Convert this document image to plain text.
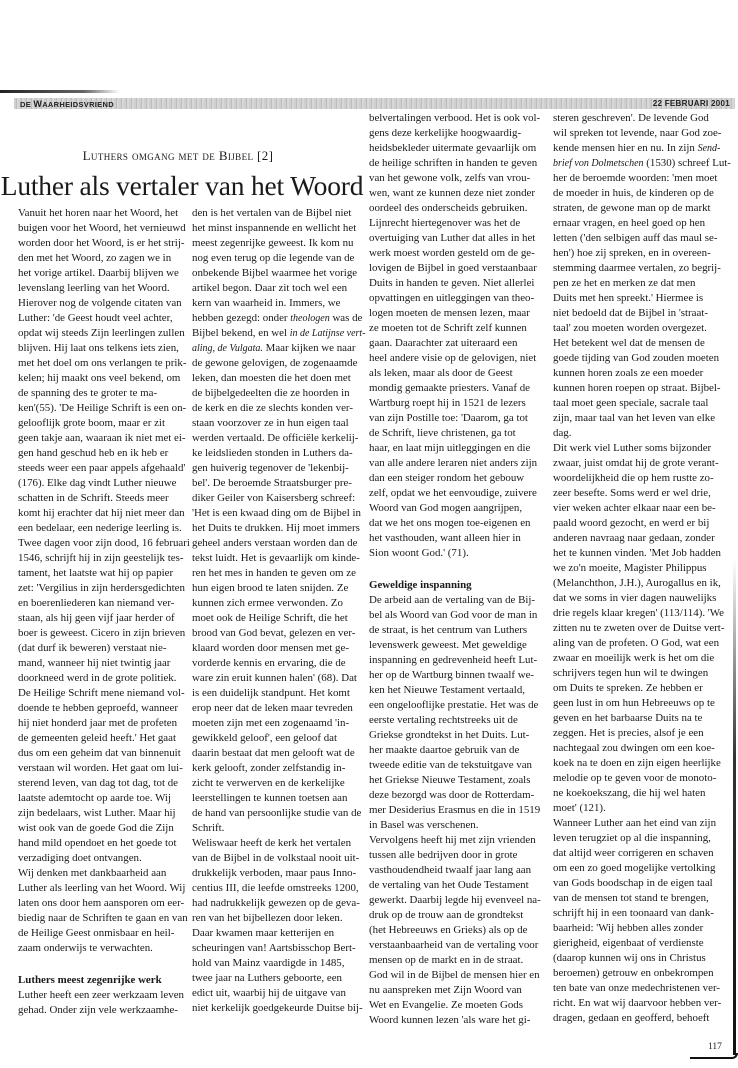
DE WAARHEIDSVRIEND	22 FEBRUARI 2001
Luthers omgang met de Bijbel [2]
Luther als vertaler van het Woord
Vanuit het horen naar het Woord, het
buigen voor het Woord, het vernieuwd
worden door het Woord, is er het strij-
den met het Woord, zo zagen we in
het vorige artikel. Daarbij blijven we
levenslang leerling van het Woord.
Hierover nog de volgende citaten van
Luther: 'de Geest houdt veel achter,
opdat wij steeds Zijn leerlingen zullen
blijven. Hij laat ons telkens iets zien,
met het doel om ons verlangen te prik-
kelen; hij maakt ons veel bekend, om
de spanning des te groter te ma-
ken'(55). 'De Heilige Schrift is een on-
gelooflijk grote boom, maar er zit
geen takje aan, waaraan ik niet met ei-
gen hand geschud heb en ik heb er
steeds weer een paar appels afgehaald'
(176). Elke dag vindt Luther nieuwe
schatten in de Schrift. Steeds meer
komt hij erachter dat hij niet meer dan
een bedelaar, een nederige leerling is.
Twee dagen voor zijn dood, 16 februari
1546, schrijft hij in zijn geestelijk tes-
tament, het laatste wat hij op papier
zet: 'Vergilius in zijn herdersgedichten
en boerenliederen kan niemand ver-
staan, als hij geen vijf jaar herder of
boer is geweest. Cicero in zijn brieven
(dat durf ik beweren) verstaat nie-
mand, wanneer hij niet twintig jaar
doorkneed werd in de grote politiek.
De Heilige Schrift mene niemand vol-
doende te hebben geproefd, wanneer
hij niet honderd jaar met de profeten
de gemeenten geleid heeft.' Het gaat
dus om een geheim dat van binnenuit
verstaan wil worden. Het gaat om lui-
sterend leven, van dag tot dag, tot de
laatste ademtocht op aarde toe. Wij
zijn bedelaars, wist Luther. Maar hij
wist ook van de goede God die Zijn
hand mild opendoet en het goede tot
verzadiging doet ontvangen.
Wij denken met dankbaarheid aan
Luther als leerling van het Woord. Wij
laten ons door hem aansporen om eer-
biedig naar de Schriften te gaan en van
de Heilige Geest onmisbaar en heil-
zaam onderwijs te verwachten.
Luthers meest zegenrijke werk
Luther heeft een zeer werkzaam leven
gehad. Onder zijn vele werkzaamhe-
den is het vertalen van de Bijbel niet
het minst inspannende en wellicht het
meest zegenrijke geweest. Ik kom nu
nog even terug op die legende van de
onbekende Bijbel waarmee het vorige
artikel begon. Daar zit toch wel een
kern van waarheid in. Immers, we
hebben gezegd: onder theologen was de
Bijbel bekend, en wel in de Latijnse vert-
aling, de Vulgata. Maar kijken we naar
de gewone gelovigen, de zogenaamde
leken, dan moesten die het doen met
de bijbelgedeelten die ze hoorden in
de kerk en die ze slechts konden ver-
staan voorzover ze in hun eigen taal
werden vertaald. De officiële kerkelij-
ke leidslieden stonden in Luthers da-
gen huiverig tegenover de 'lekenbij-
bel'. De beroemde Straatsburger pre-
diker Geiler von Kaisersberg schreef:
'Het is een kwaad ding om de Bijbel in
het Duits te drukken. Hij moet immers
geheel anders verstaan worden dan de
tekst luidt. Het is gevaarlijk om kinde-
ren het mes in handen te geven om ze
hun eigen brood te laten snijden. Ze
kunnen zich ermee verwonden. Zo
moet ook de Heilige Schrift, die het
brood van God bevat, gelezen en ver-
klaard worden door mensen met ge-
vorderde kennis en ervaring, die de
ware zin eruit kunnen halen' (68). Dat
is een duidelijk standpunt. Het komt
erop neer dat de leken maar tevreden
moeten zijn met een zogenaamd 'in-
gewikkeld geloof', een geloof dat
daarin bestaat dat men gelooft wat de
kerk gelooft, zonder zelfstandig in-
zicht te verwerven en de kerkelijke
leerstellingen te kunnen toetsen aan
de hand van persoonlijke studie van de
Schrift.
Weliswaar heeft de kerk het vertalen
van de Bijbel in de volkstaal nooit uit-
drukkelijk verboden, maar paus Inno-
centius III, die leefde omstreeks 1200,
had nadrukkelijk gewezen op de geva-
ren van het bijbellezen door leken.
Daar kwamen maar ketterijen en
scheuringen van! Aartsbisschop Bert-
hold van Mainz vaardigde in 1485,
twee jaar na Luthers geboorte, een
edict uit, waarbij hij de uitgave van
niet kerkelijk goedgekeurde Duitse bij-
belvertalingen verbood. Het is ook vol-
gens deze kerkelijke hoogwaardig-
heidsbekleder uitermate gevaarlijk om
de heilige schriften in handen te geven
van het gewone volk, zelfs van vrou-
wen, want ze kunnen deze niet zonder
oordeel des onderscheids gebruiken.
Lijnrecht hiertegenover was het de
overtuiging van Luther dat alles in het
werk moest worden gesteld om de ge-
lovigen de Bijbel in goed verstaanbaar
Duits in handen te geven. Niet allerlei
opvattingen en uitleggingen van theo-
logen moeten de mensen lezen, maar
ze moeten tot de Schrift zelf kunnen
gaan. Daarachter zat uiteraard een
heel andere visie op de gelovigen, niet
als leken, maar als door de Geest
mondig gemaakte priesters. Vanaf de
Wartburg roept hij in 1521 de lezers
van zijn Postille toe: 'Daarom, ga tot
de Schrift, lieve christenen, ga tot
haar, en laat mijn uitleggingen en die
van alle andere leraren niet anders zijn
dan een steiger rondom het gebouw
zelf, opdat we het eenvoudige, zuivere
Woord van God mogen aangrijpen,
dat we het ons mogen toe-eigenen en
het vasthouden, want alleen hier in
Sion woont God.' (71).
Geweldige inspanning
De arbeid aan de vertaling van de Bij-
bel als Woord van God voor de man in
de straat, is het centrum van Luthers
levenswerk geweest. Met geweldige
inspanning en gedrevenheid heeft Lut-
her op de Wartburg binnen twaalf we-
ken het Nieuwe Testament vertaald,
een ongelooflijke prestatie. Het was de
eerste vertaling rechtstreeks uit de
Griekse grondtekst in het Duits. Lut-
her maakte daartoe gebruik van de
tweede editie van de tekstuitgave van
het Griekse Nieuwe Testament, zoals
deze bezorgd was door de Rotterdam-
mer Desiderius Erasmus en die in 1519
in Basel was verschenen.
Vervolgens heeft hij met zijn vrienden
tussen alle bedrijven door in grote
vasthoudendheid twaalf jaar lang aan
de vertaling van het Oude Testament
gewerkt. Daarbij legde hij evenveel na-
druk op de trouw aan de grondtekst
(het Hebreeuws en Grieks) als op de
verstaanbaarheid van de vertaling voor
mensen op de markt en in de straat.
God wil in de Bijbel de mensen hier en
nu aanspreken met Zijn Woord van
Wet en Evangelie. Ze moeten Gods
Woord kunnen lezen 'als ware het gi-
steren geschreven'. De levende God
wil spreken tot levende, naar God zoe-
kende mensen hier en nu. In zijn Send-
brief von Dolmetschen (1530) schreef Lut-
her de beroemde woorden: 'men moet
de moeder in huis, de kinderen op de
straten, de gewone man op de markt
ernaar vragen, en heel goed op hen
letten ('den selbigen auff das maul se-
hen') hoe zij spreken, en in overeen-
stemming daarmee vertalen, zo begrij-
pen ze het en merken ze dat men
Duits met hen spreekt.' Hiermee is
niet bedoeld dat de Bijbel in 'straat-
taal' zou moeten worden overgezet.
Het betekent wel dat de mensen de
goede tijding van God zouden moeten
kunnen horen zoals ze een moeder
kunnen horen roepen op straat. Bijbel-
taal moet geen speciale, sacrale taal
zijn, maar taal van het leven van elke
dag.
Dit werk viel Luther soms bijzonder
zwaar, juist omdat hij de grote verant-
woordelijkheid die op hem rustte zo-
zeer besefte. Soms werd er wel drie,
vier weken achter elkaar naar een be-
paald woord gezocht, en werd er bij
anderen navraag naar gedaan, zonder
het te kunnen vinden. 'Met Job hadden
we zo'n moeite, Magister Philippus
(Melanchthon, J.H.), Aurogallus en ik,
dat we soms in vier dagen nauwelijks
drie regels klaar kregen' (113/114). 'We
zitten nu te zweten over de Duitse vert-
aling van de profeten. O God, wat een
zwaar en moeilijk werk is het om die
schrijvers tegen hun wil te dwingen
om Duits te spreken. Ze hebben er
geen lust in om hun Hebreeuws op te
geven en het barbaarse Duits na te
zeggen. Het is precies, alsof je een
nachtegaal zou dwingen om een koe-
koek na te doen en zijn eigen heerlijke
melodie op te geven voor de monoto-
ne koekoekszang, die hij wel haten
moet' (121).
Wanneer Luther aan het eind van zijn
leven terugziet op al die inspanning,
dat altijd weer corrigeren en schaven
om een zo goed mogelijke vertolking
van Gods boodschap in de eigen taal
van de mensen tot stand te brengen,
schrijft hij in een toonaard van dank-
baarheid: 'Wij hebben alles zonder
gierigheid, eigenbaat of verdienste
(daarop kunnen wij ons in Christus
beroemen) getrouw en onbekrompen
ten bate van onze medechristenen ver-
richt. En wat wij daarvoor hebben ver-
dragen, gedaan en geofferd, behoeft
117
